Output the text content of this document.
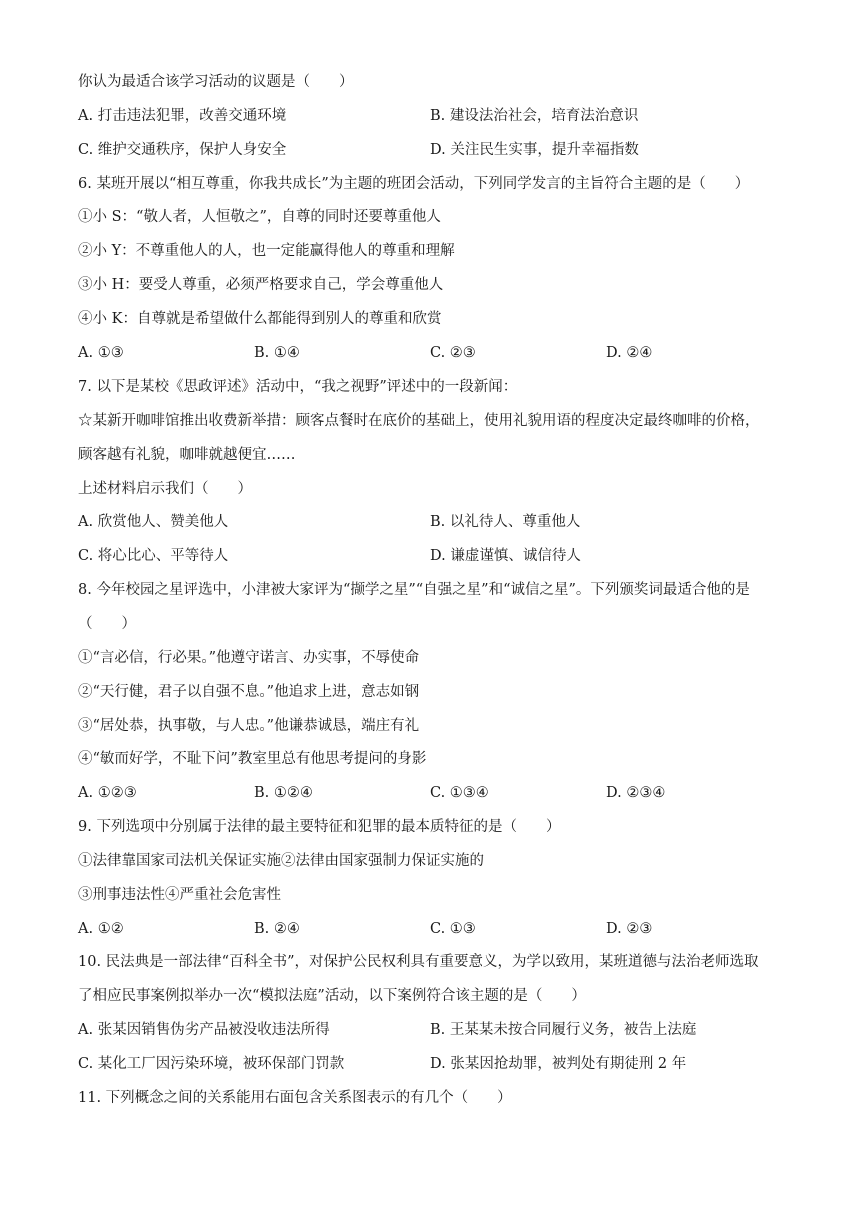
你认为最适合该学习活动的议题是（　　）
A. 打击违法犯罪，改善交通环境	B. 建设法治社会，培育法治意识
C. 维护交通秩序，保护人身安全	D. 关注民生实事，提升幸福指数
6. 某班开展以“相互尊重，你我共成长”为主题的班团会活动，下列同学发言的主旨符合主题的是（　　）
①小 S：“敬人者，人恒敬之”，自尊的同时还要尊重他人
②小 Y：不尊重他人的人，也一定能赢得他人的尊重和理解
③小 H：要受人尊重，必须严格要求自己，学会尊重他人
④小 K：自尊就是希望做什么都能得到别人的尊重和欣赏
A. ①③	B. ①④	C. ②③	D. ②④
7. 以下是某校《思政评述》活动中，“我之视野”评述中的一段新闻：
☆某新开咖啡馆推出收费新举措：顾客点餐时在底价的基础上，使用礼貌用语的程度决定最终咖啡的价格，
顾客越有礼貌，咖啡就越便宜……
上述材料启示我们（　　）
A. 欣赏他人、赞美他人	B. 以礼待人、尊重他人
C. 将心比心、平等待人	D. 谦虚谨慎、诚信待人
8. 今年校园之星评选中，小津被大家评为“撷学之星”“自强之星”和“诚信之星”。下列颁奖词最适合他的是
（　　）
①“言必信，行必果。”他遵守诺言、办实事，不辱使命
②“天行健，君子以自强不息。”他追求上进，意志如钢
③“居处恭，执事敬，与人忠。”他谦恭诚恳，端庄有礼
④“敏而好学，不耻下问”教室里总有他思考提问的身影
A. ①②③	B. ①②④	C. ①③④	D. ②③④
9. 下列选项中分别属于法律的最主要特征和犯罪的最本质特征的是（　　）
①法律靠国家司法机关保证实施②法律由国家强制力保证实施的
③刑事违法性④严重社会危害性
A. ①②	B. ②④	C. ①③	D. ②③
10. 民法典是一部法律“百科全书”，对保护公民权利具有重要意义，为学以致用，某班道德与法治老师选取
了相应民事案例拟举办一次“模拟法庭”活动，以下案例符合该主题的是（　　）
A. 张某因销售伪劣产品被没收违法所得	B. 王某某未按合同履行义务，被告上法庭
C. 某化工厂因污染环境，被环保部门罚款	D. 张某因抢劫罪，被判处有期徒刑 2 年
11. 下列概念之间的关系能用右面包含关系图表示的有几个（　　）
